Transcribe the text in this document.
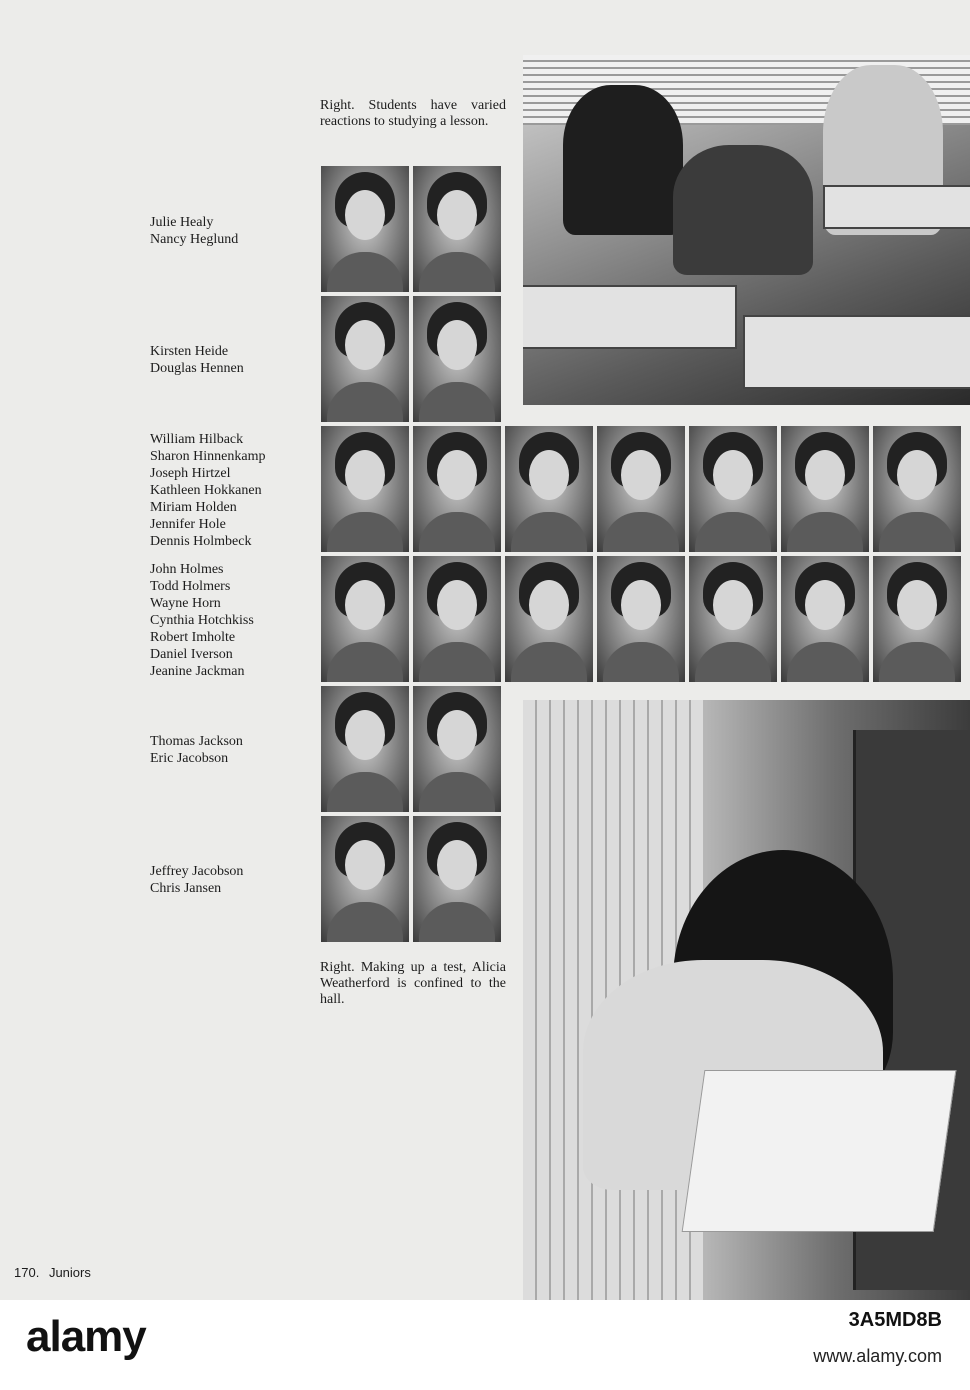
Right. Students have varied reactions to studying a lesson.
Julie Healy
Nancy Heglund
Kirsten Heide
Douglas Hennen
William Hilback
Sharon Hinnenkamp
Joseph Hirtzel
Kathleen Hokkanen
Miriam Holden
Jennifer Hole
Dennis Holmbeck
John Holmes
Todd Holmers
Wayne Horn
Cynthia Hotchkiss
Robert Imholte
Daniel Iverson
Jeanine Jackman
Thomas Jackson
Eric Jacobson
Jeffrey Jacobson
Chris Jansen
Right. Making up a test, Alicia Weatherford is confined to the hall.
170. Juniors
alamy	3A5MD8B
www.alamy.com
